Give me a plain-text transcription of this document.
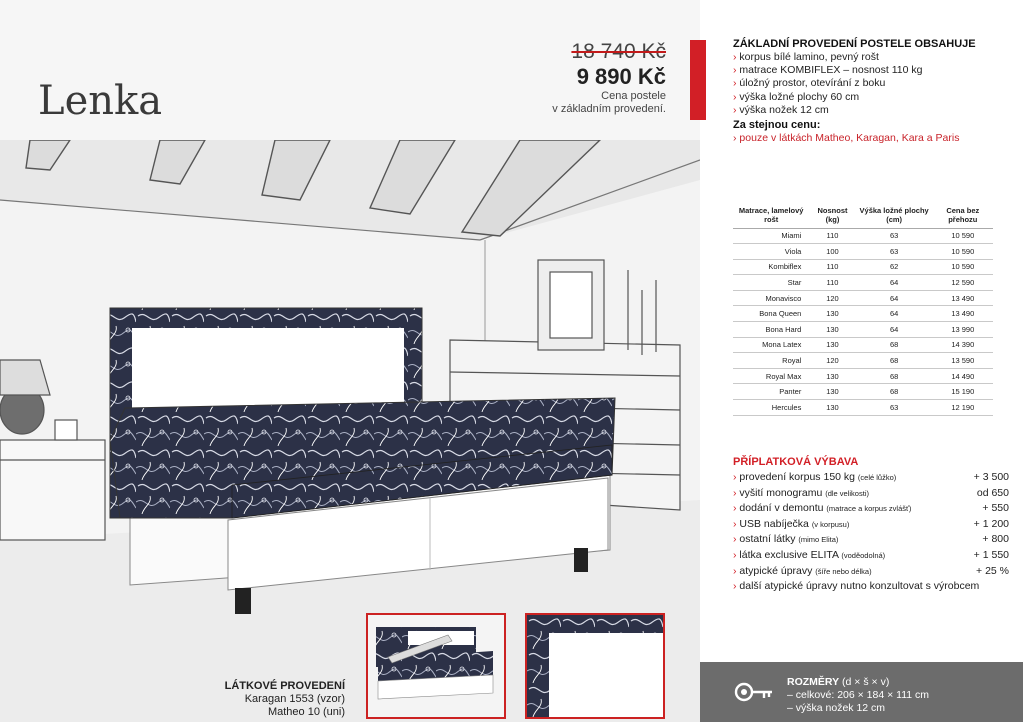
Lenka
18 740 Kč
9 890 Kč
Cena postele
v základním provedení.
LÁTKOVÉ PROVEDENÍ
Karagan 1553 (vzor)
Matheo 10 (uni)
ZÁKLADNÍ PROVEDENÍ POSTELE OBSAHUJE
› korpus bílé lamino, pevný rošt
› matrace KOMBIFLEX – nosnost 110 kg
› úložný prostor, otevírání z boku
› výška ložné plochy 60 cm
› výška nožek 12 cm
Za stejnou cenu:
› pouze v látkách Matheo, Karagan, Kara a Paris
Matrace, lamelový rošt	Nosnost (kg)	Výška ložné plochy (cm)	Cena bez přehozu
Miami	110	63	10 590
Viola	100	63	10 590
Kombiflex	110	62	10 590
Star	110	64	12 590
Monavisco	120	64	13 490
Bona Queen	130	64	13 490
Bona Hard	130	64	13 990
Mona Latex	130	68	14 390
Royal	120	68	13 590
Royal Max	130	68	14 490
Panter	130	68	15 190
Hercules	130	63	12 190
PŘÍPLATKOVÁ VÝBAVA
› provedení korpus 150 kg (celé lůžko)	+ 3 500
› vyšití monogramu (dle velikosti)	od 650
› dodání v demontu (matrace a korpus zvlášť)	+ 550
› USB nabíječka (v korpusu)	+ 1 200
› ostatní látky (mimo Elita)	+ 800
› látka exclusive ELITA (voděodolná)	+ 1 550
› atypické úpravy (šíře nebo délka)	+ 25 %
› další atypické úpravy nutno konzultovat s výrobcem
ROZMĚRY (d × š × v)
– celkové: 206 × 184 × 111 cm
– výška nožek 12 cm
